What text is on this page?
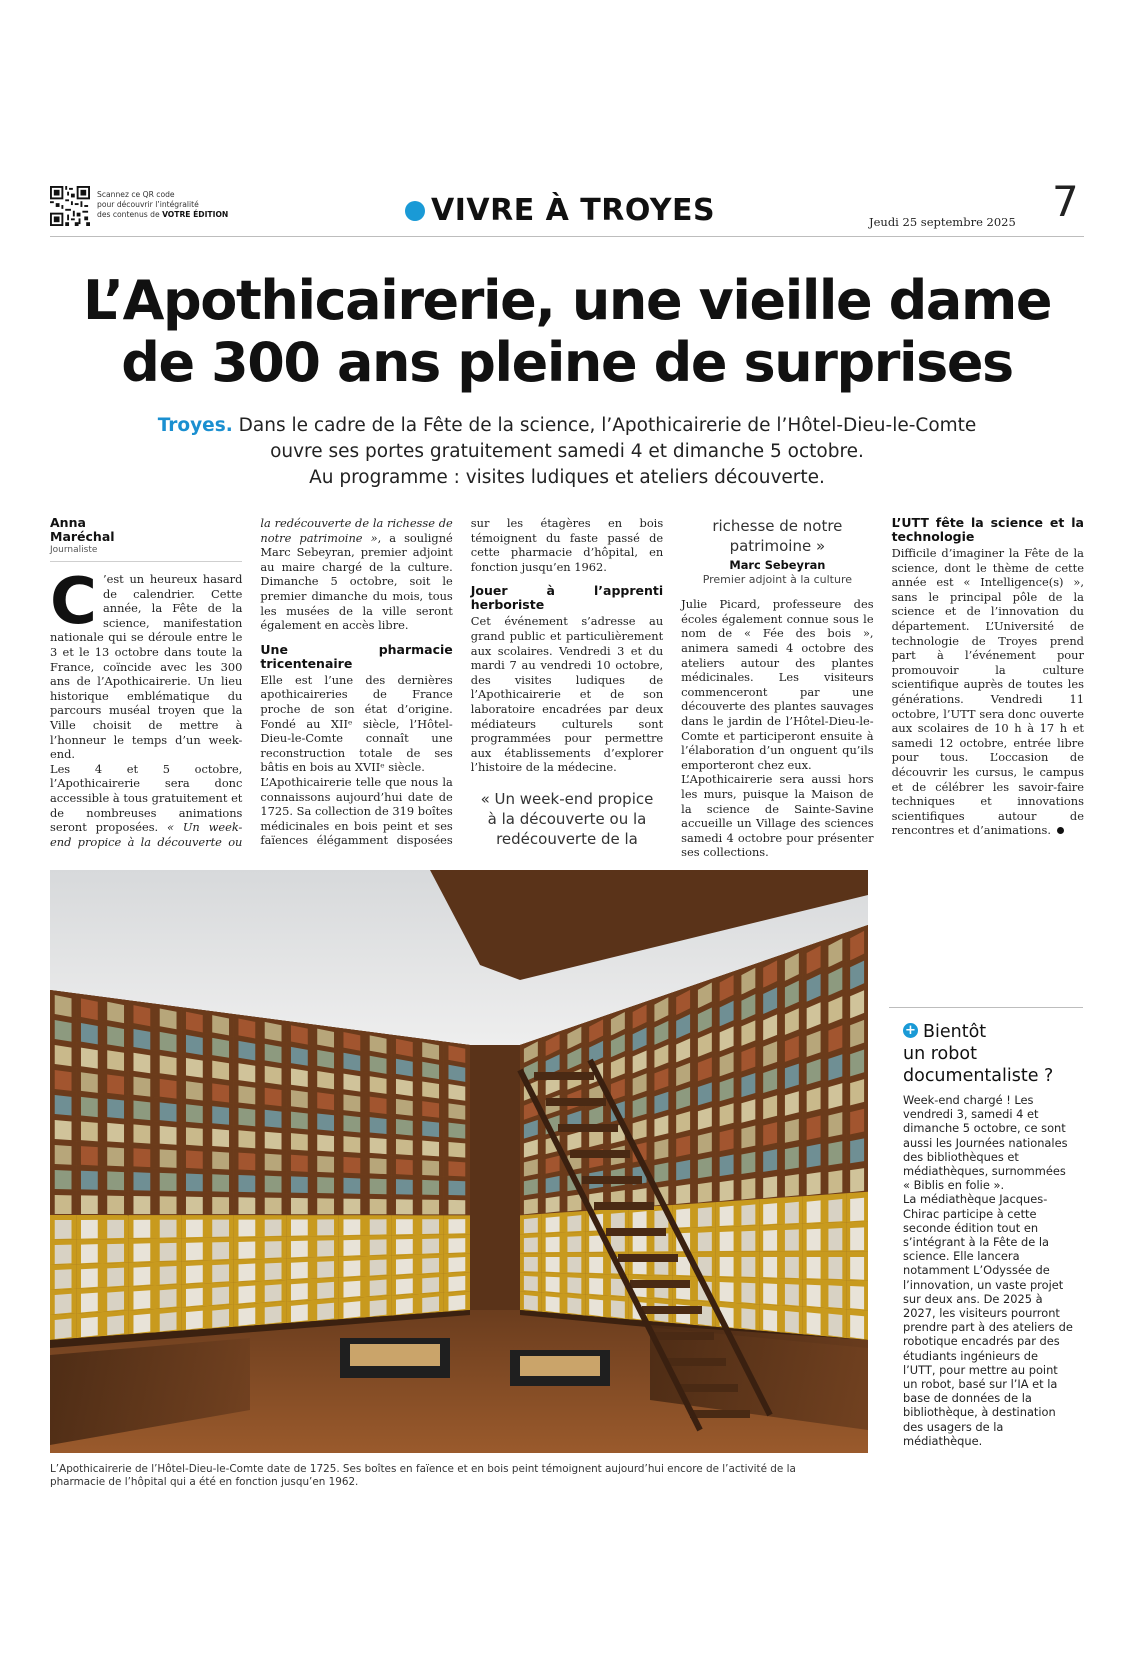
Scannez ce QR code
pour découvrir l’intégralité
des contenus de VOTRE ÉDITION	VIVRE À TROYES	Jeudi 25 septembre 2025 7
L’Apothicairerie, une vieille dame
de 300 ans pleine de surprises
Troyes. Dans le cadre de la Fête de la science, l’Apothicairerie de l’Hôtel-Dieu-le-Comte
ouvre ses portes gratuitement samedi 4 et dimanche 5 octobre.
Au programme : visites ludiques et ateliers découverte.
Anna
Maréchal
Journaliste

C ’est un heureux hasard de calendrier. Cette année, la Fête de la science, manifestation nationale qui se déroule entre le 3 et le 13 octobre dans toute la France, coïncide avec les 300 ans de l’Apothicairerie. Un lieu historique emblématique du parcours muséal troyen que la Ville choisit de mettre à l’honneur le temps d’un week-end.

Les 4 et 5 octobre, l’Apothicairerie sera donc accessible à tous gratuitement et de nombreuses animations seront proposées. « Un week-end propice à la découverte ou la redécouverte de la richesse de notre patrimoine », a souligné Marc Sebeyran, premier adjoint au maire chargé de la culture. Dimanche 5 octobre, soit le premier dimanche du mois, tous les musées de la ville seront également en accès libre.

Une pharmacie tricentenaire

Elle est l’une des dernières apothicaireries de France proche de son état d’origine. Fondé au XIIᵉ siècle, l’Hôtel-Dieu-le-Comte connaît une reconstruction totale de ses bâtis en bois au XVIIᵉ siècle.

L’Apothicairerie telle que nous la connaissons aujourd’hui date de 1725. Sa collection de 319 boîtes médicinales en bois peint et ses faïences élégamment disposées sur les étagères en bois témoignent du faste passé de cette pharmacie d’hôpital, en fonction jusqu’en 1962.

Jouer à l’apprenti herboriste

Cet événement s’adresse au grand public et particulièrement aux scolaires. Vendredi 3 et du mardi 7 au vendredi 10 octobre, des visites ludiques de l’Apothicairerie et de son laboratoire encadrées par deux médiateurs culturels sont programmées pour permettre aux établissements d’explorer l’histoire de la médecine.

« Un week-end propice à la découverte ou la redécouverte de la richesse de notre patrimoine »
Marc Sebeyran
Premier adjoint à la culture

Julie Picard, professeure des écoles également connue sous le nom de « Fée des bois », animera samedi 4 octobre des ateliers autour des plantes médicinales. Les visiteurs commenceront par une découverte des plantes sauvages dans le jardin de l’Hôtel-Dieu-le-Comte et participeront ensuite à l’élaboration d’un onguent qu’ils emporteront chez eux.

L’Apothicairerie sera aussi hors les murs, puisque la Maison de la science de Sainte-Savine accueille un Village des sciences samedi 4 octobre pour présenter ses collections.

L’UTT fête la science et la technologie

Difficile d’imaginer la Fête de la science, dont le thème de cette année est « Intelligence(s) », sans le principal pôle de la science et de l’innovation du département. L’Université de technologie de Troyes prend part à l’événement pour promouvoir la culture scientifique auprès de toutes les générations. Vendredi 11 octobre, l’UTT sera donc ouverte aux scolaires de 10 h à 17 h et samedi 12 octobre, entrée libre pour tous. L’occasion de découvrir les cursus, le campus et de célébrer les savoir-faire techniques et innovations scientifiques autour de rencontres et d’animations.

L’Apothicairerie de l’Hôtel-Dieu-le-Comte date de 1725. Ses boîtes en faïence et en bois peint témoignent aujourd’hui encore de l’activité de la pharmacie de l’hôpital qui a été en fonction jusqu’en 1962.
+ Bientôt
un robot
documentaliste ?

Week-end chargé ! Les vendredi 3, samedi 4 et dimanche 5 octobre, ce sont aussi les Journées nationales des bibliothèques et médiathèques, surnommées « Biblis en folie ».

La médiathèque Jacques-Chirac participe à cette seconde édition tout en s’intégrant à la Fête de la science. Elle lancera notamment L’Odyssée de l’innovation, un vaste projet sur deux ans. De 2025 à 2027, les visiteurs pourront prendre part à des ateliers de robotique encadrés par des étudiants ingénieurs de l’UTT, pour mettre au point un robot, basé sur l’IA et la base de données de la bibliothèque, à destination des usagers de la médiathèque.
